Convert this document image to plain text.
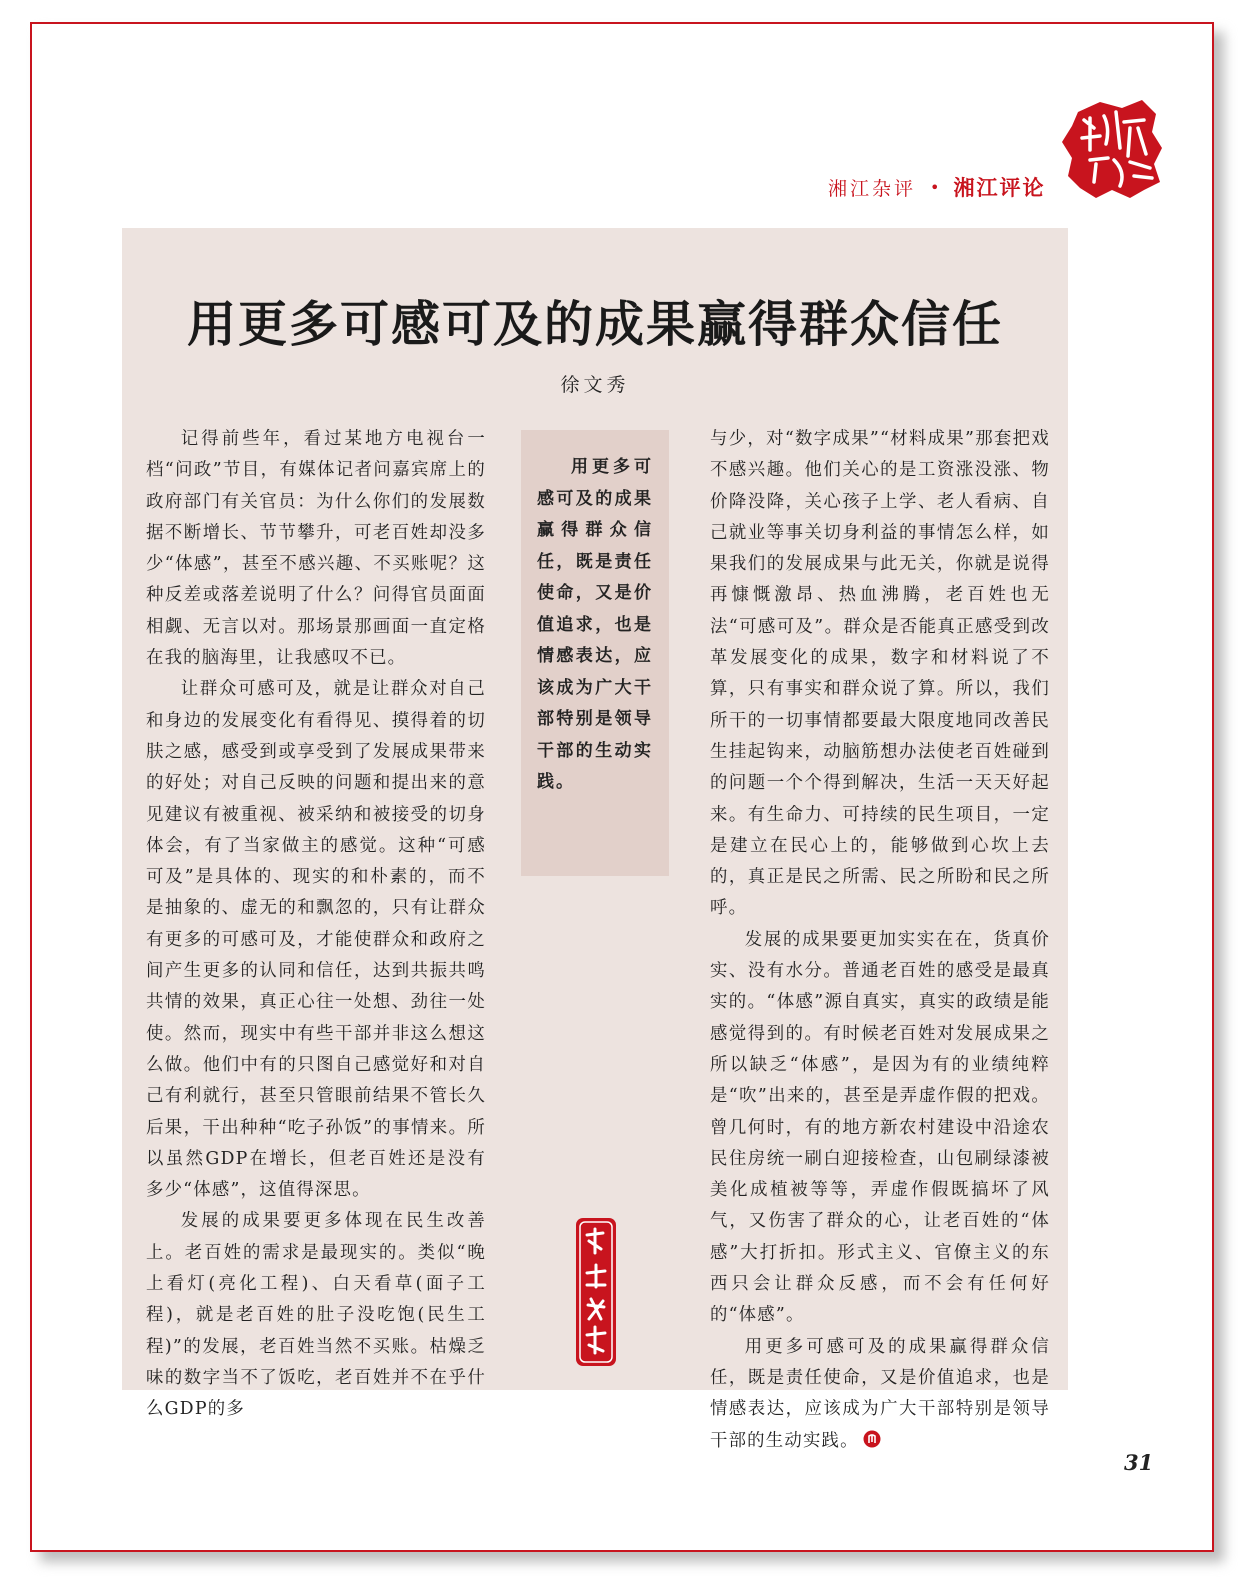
湘江杂评 • 湘江评论
用更多可感可及的成果赢得群众信任
徐文秀

记得前些年，看过某地方电视台一档“问政”节目，有媒体记者问嘉宾席上的政府部门有关官员：为什么你们的发展数据不断增长、节节攀升，可老百姓却没多少“体感”，甚至不感兴趣、不买账呢？这种反差或落差说明了什么？问得官员面面相觑、无言以对。那场景那画面一直定格在我的脑海里，让我感叹不已。

让群众可感可及，就是让群众对自己和身边的发展变化有看得见、摸得着的切肤之感，感受到或享受到了发展成果带来的好处；对自己反映的问题和提出来的意见建议有被重视、被采纳和被接受的切身体会，有了当家做主的感觉。这种“可感可及”是具体的、现实的和朴素的，而不是抽象的、虚无的和飘忽的，只有让群众有更多的可感可及，才能使群众和政府之间产生更多的认同和信任，达到共振共鸣共情的效果，真正心往一处想、劲往一处使。然而，现实中有些干部并非这么想这么做。他们中有的只图自己感觉好和对自己有利就行，甚至只管眼前结果不管长久后果，干出种种“吃子孙饭”的事情来。所以虽然GDP在增长，但老百姓还是没有多少“体感”，这值得深思。

发展的成果要更多体现在民生改善上。老百姓的需求是最现实的。类似“晚上看灯(亮化工程)、白天看草(面子工程)，就是老百姓的肚子没吃饱(民生工程)”的发展，老百姓当然不买账。枯燥乏味的数字当不了饭吃，老百姓并不在乎什么GDP的多

用更多可感可及的成果赢得群众信任，既是责任使命，又是价值追求，也是情感表达，应该成为广大干部特别是领导干部的生动实践。

与少，对“数字成果”“材料成果”那套把戏不感兴趣。他们关心的是工资涨没涨、物价降没降，关心孩子上学、老人看病、自己就业等事关切身利益的事情怎么样，如果我们的发展成果与此无关，你就是说得再慷慨激昂、热血沸腾，老百姓也无法“可感可及”。群众是否能真正感受到改革发展变化的成果，数字和材料说了不算，只有事实和群众说了算。所以，我们所干的一切事情都要最大限度地同改善民生挂起钩来，动脑筋想办法使老百姓碰到的问题一个个得到解决，生活一天天好起来。有生命力、可持续的民生项目，一定是建立在民心上的，能够做到心坎上去的，真正是民之所需、民之所盼和民之所呼。

发展的成果要更加实实在在，货真价实、没有水分。普通老百姓的感受是最真实的。“体感”源自真实，真实的政绩是能感觉得到的。有时候老百姓对发展成果之所以缺乏“体感”，是因为有的业绩纯粹是“吹”出来的，甚至是弄虚作假的把戏。曾几何时，有的地方新农村建设中沿途农民住房统一刷白迎接检查，山包刷绿漆被美化成植被等等，弄虚作假既搞坏了风气，又伤害了群众的心，让老百姓的“体感”大打折扣。形式主义、官僚主义的东西只会让群众反感，而不会有任何好的“体感”。

用更多可感可及的成果赢得群众信任，既是责任使命，又是价值追求，也是情感表达，应该成为广大干部特别是领导干部的生动实践。

31
